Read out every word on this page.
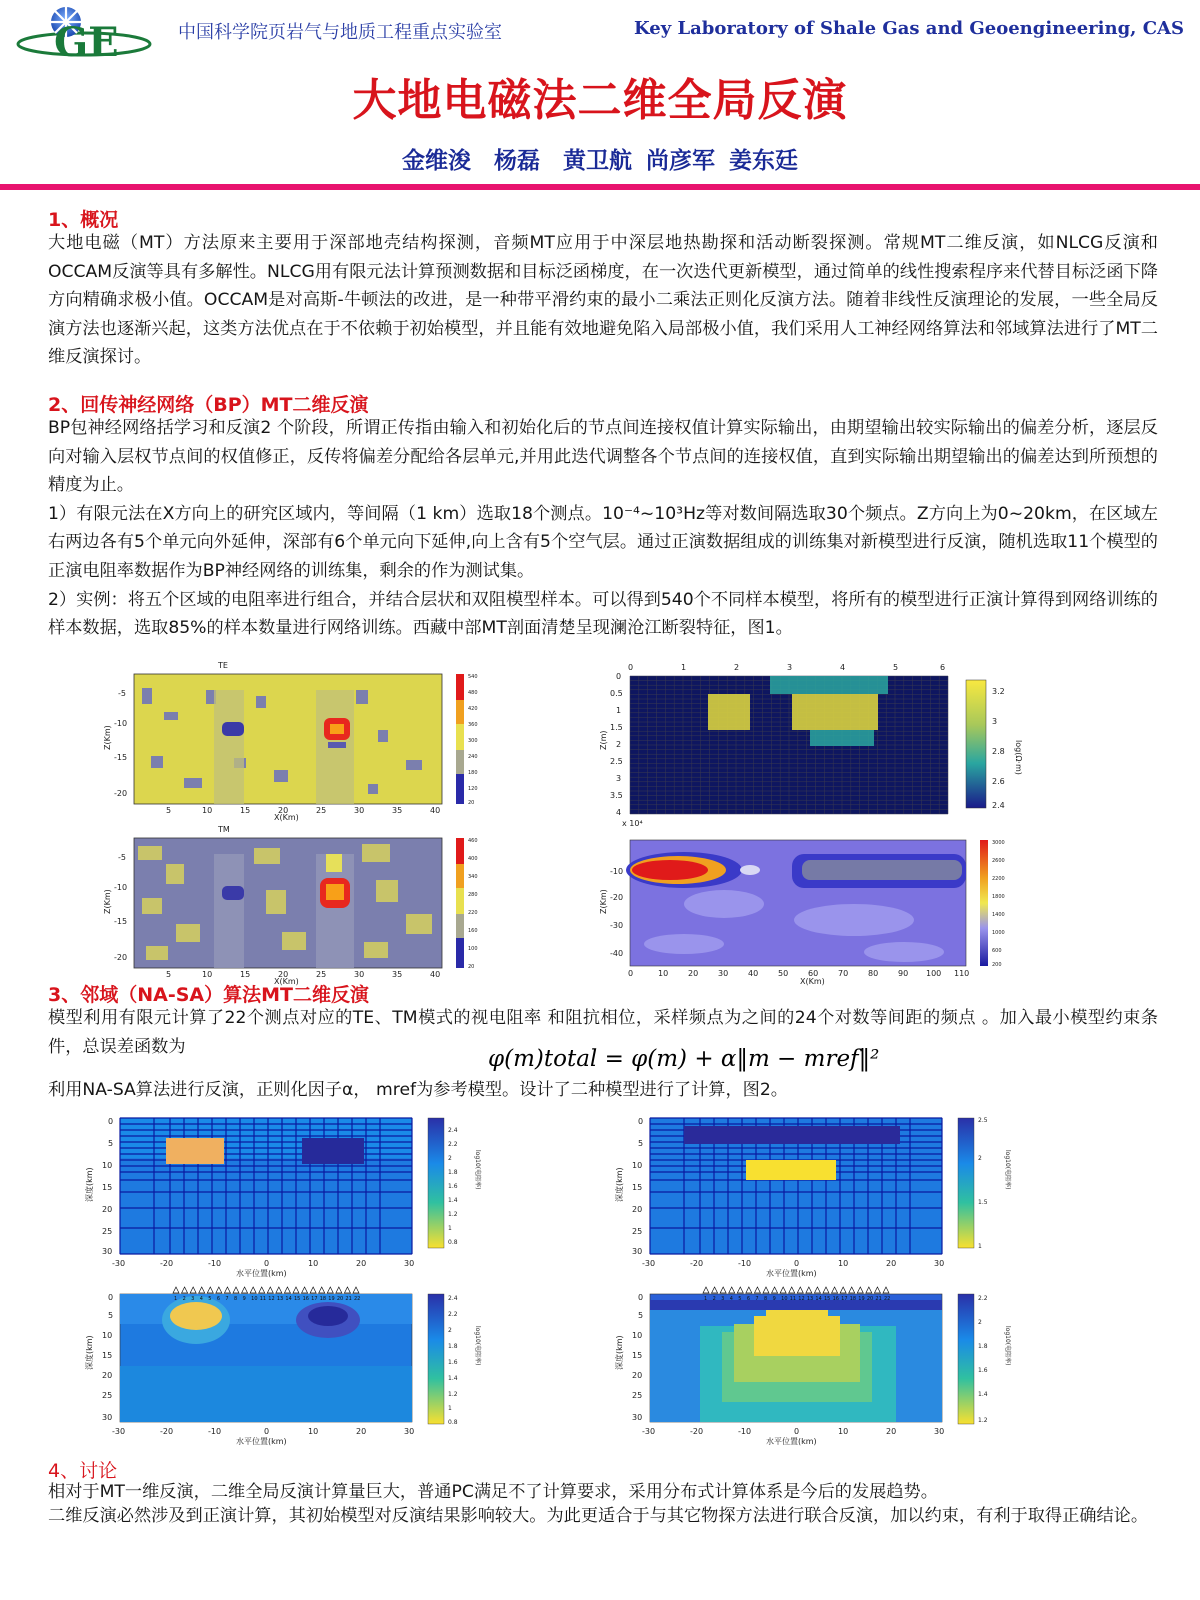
GE	中国科学院页岩气与地质工程重点实验室	Key Laboratory of Shale Gas and Geoengineering, CAS
大地电磁法二维全局反演
金维浚　杨磊　黄卫航 尚彦军 姜东廷
1、概况

大地电磁（MT）方法原来主要用于深部地壳结构探测，音频MT应用于中深层地热勘探和活动断裂探测。常规MT二维反演，如NLCG反演和OCCAM反演等具有多解性。NLCG用有限元法计算预测数据和目标泛函梯度，在一次迭代更新模型，通过简单的线性搜索程序来代替目标泛函下降方向精确求极小值。OCCAM是对高斯-牛顿法的改进，是一种带平滑约束的最小二乘法正则化反演方法。随着非线性反演理论的发展，一些全局反演方法也逐渐兴起，这类方法优点在于不依赖于初始模型，并且能有效地避免陷入局部极小值，我们采用人工神经网络算法和邻域算法进行了MT二维反演探讨。

2、回传神经网络（BP）MT二维反演

BP包神经网络括学习和反演2 个阶段，所谓正传指由输入和初始化后的节点间连接权值计算实际输出，由期望输出较实际输出的偏差分析，逐层反向对输入层权节点间的权值修正，反传将偏差分配给各层单元,并用此迭代调整各个节点间的连接权值，直到实际输出期望输出的偏差达到所预想的精度为止。

1）有限元法在X方向上的研究区域内，等间隔（1 km）选取18个测点。10⁻⁴~10³Hz等对数间隔选取30个频点。Z方向上为0~20km，在区域左右两边各有5个单元向外延伸，深部有6个单元向下延伸,向上含有5个空气层。通过正演数据组成的训练集对新模型进行反演，随机选取11个模型的正演电阻率数据作为BP神经网络的训练集，剩余的作为测试集。

2）实例：将五个区域的电阻率进行组合，并结合层状和双阻模型样本。可以得到540个不同样本模型，将所有的模型进行正演计算得到网络训练的样本数据，选取85%的样本数量进行网络训练。西藏中部MT剖面清楚呈现澜沧江断裂特征，图1。

TE
-5
-10
-15
-20
Z(Km)
5	10	15	20	25	30	35	40
X(Km)
540
480
420
360
300
240
180
120
20
TM
-5
-10
-15
-20
Z(Km)
5	10	15	20	25	30	35	40
X(Km)
460
400
340
280
220
160
100
20
0	1	2	3	4	5	6
0
0.5
1
1.5
2
2.5
3
3.5
4
Z(m)
x 10⁴
3.2
3
2.8
2.6
2.4
log(Ω·m)
-10
-20
-30
-40
Z(Km)
0	10 20 30 40 50 60 70 80 90 100 110
X(Km)
3000
2600
2200
1800
1400
1000
600
200
3、邻域（NA-SA）算法MT二维反演

模型利用有限元计算了22个测点对应的TE、TM模式的视电阻率 和阻抗相位，采样频点为之间的24个对数等间距的频点 。加入最小模型约束条件，总误差函数为	φ(m)total = φ(m) + α‖m − mref‖²

利用NA-SA算法进行反演，正则化因子α， mref为参考模型。设计了二种模型进行了计算，图2。

0
5
10
15
20
25
30
深度(km)
-30	-20	-10	0	10	20	30
水平位置(km)
2.4
2.2
2
1.8
1.6
1.4
1.2
1
0.8
log10(电阻率)
0
5
10
15
20
25
30
深度(km)
-30	-20	-10	0	10	20	30
水平位置(km)
2.5
2
1.5
1
log10(电阻率)
1 2 3 4 5 6 7 8 9 10 11 12 13 14 15 16 17 18 19 20 21 22
0
5
10
15
20
25
30
深度(km)
-30	-20	-10	0	10	20	30
水平位置(km)
2.4
2.2
2
1.8
1.6
1.4
1.2
1
0.8
log10(电阻率)
1 2 3 4 5 6 7 8 9 10 11 12 13 14 15 16 17 18 19 20 21 22
0
5
10
15
20
25
30
深度(km)
-30	-20	-10	0	10	20	30
水平位置(km)
2.2
2
1.8
1.6
1.4
1.2
log10(电阻率)
4、讨论

相对于MT一维反演，二维全局反演计算量巨大，普通PC满足不了计算要求，采用分布式计算体系是今后的发展趋势。

二维反演必然涉及到正演计算，其初始模型对反演结果影响较大。为此更适合于与其它物探方法进行联合反演，加以约束，有利于取得正确结论。
